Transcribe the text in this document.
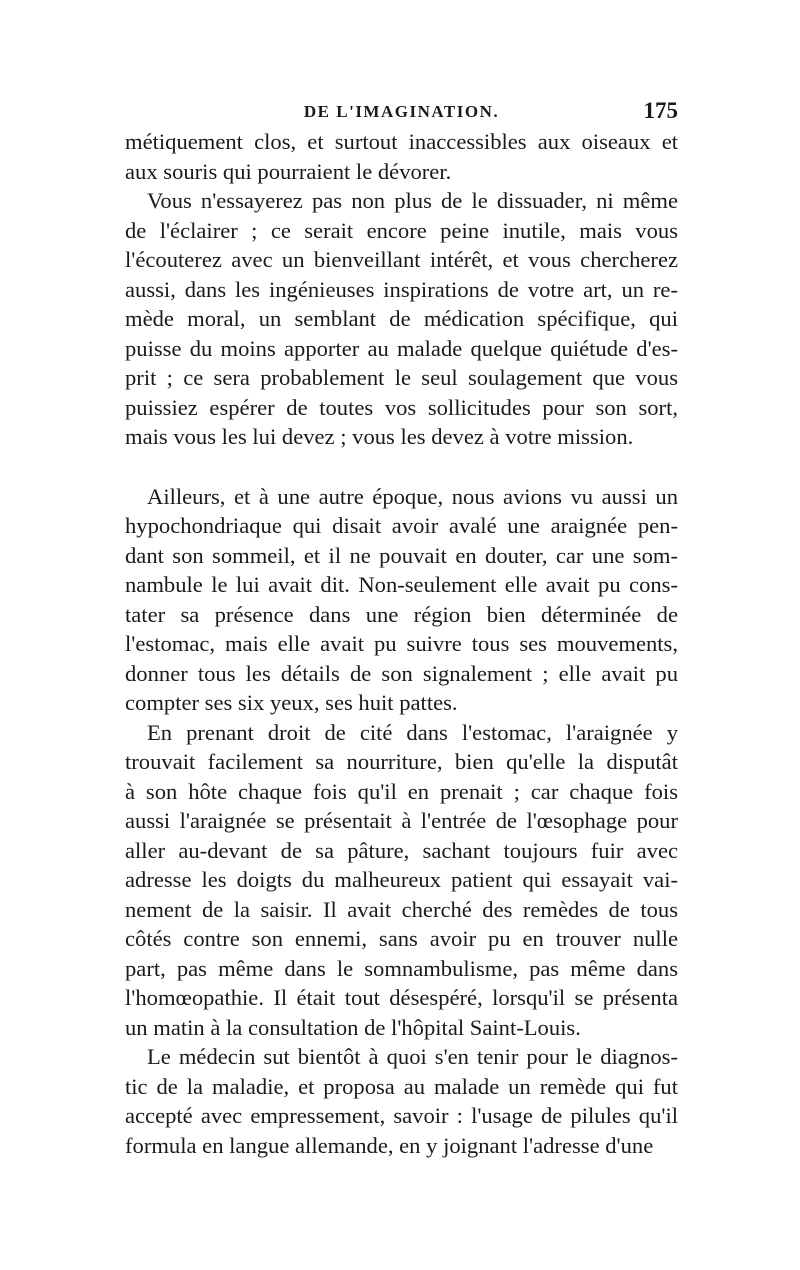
DE L'IMAGINATION.	175

métiquement clos, et surtout inaccessibles aux oiseaux et
aux souris qui pourraient le dévorer.

Vous n'essayerez pas non plus de le dissuader, ni même
de l'éclairer ; ce serait encore peine inutile, mais vous
l'écouterez avec un bienveillant intérêt, et vous chercherez
aussi, dans les ingénieuses inspirations de votre art, un re-
mède moral, un semblant de médication spécifique, qui
puisse du moins apporter au malade quelque quiétude d'es-
prit ; ce sera probablement le seul soulagement que vous
puissiez espérer de toutes vos sollicitudes pour son sort,
mais vous les lui devez ; vous les devez à votre mission.

Ailleurs, et à une autre époque, nous avions vu aussi un
hypochondriaque qui disait avoir avalé une araignée pen-
dant son sommeil, et il ne pouvait en douter, car une som-
nambule le lui avait dit. Non-seulement elle avait pu cons-
tater sa présence dans une région bien déterminée de
l'estomac, mais elle avait pu suivre tous ses mouvements,
donner tous les détails de son signalement ; elle avait pu
compter ses six yeux, ses huit pattes.

En prenant droit de cité dans l'estomac, l'araignée y
trouvait facilement sa nourriture, bien qu'elle la disputât
à son hôte chaque fois qu'il en prenait ; car chaque fois
aussi l'araignée se présentait à l'entrée de l'œsophage pour
aller au-devant de sa pâture, sachant toujours fuir avec
adresse les doigts du malheureux patient qui essayait vai-
nement de la saisir. Il avait cherché des remèdes de tous
côtés contre son ennemi, sans avoir pu en trouver nulle
part, pas même dans le somnambulisme, pas même dans
l'homœopathie. Il était tout désespéré, lorsqu'il se présenta
un matin à la consultation de l'hôpital Saint-Louis.

Le médecin sut bientôt à quoi s'en tenir pour le diagnos-
tic de la maladie, et proposa au malade un remède qui fut
accepté avec empressement, savoir : l'usage de pilules qu'il
formula en langue allemande, en y joignant l'adresse d'une
